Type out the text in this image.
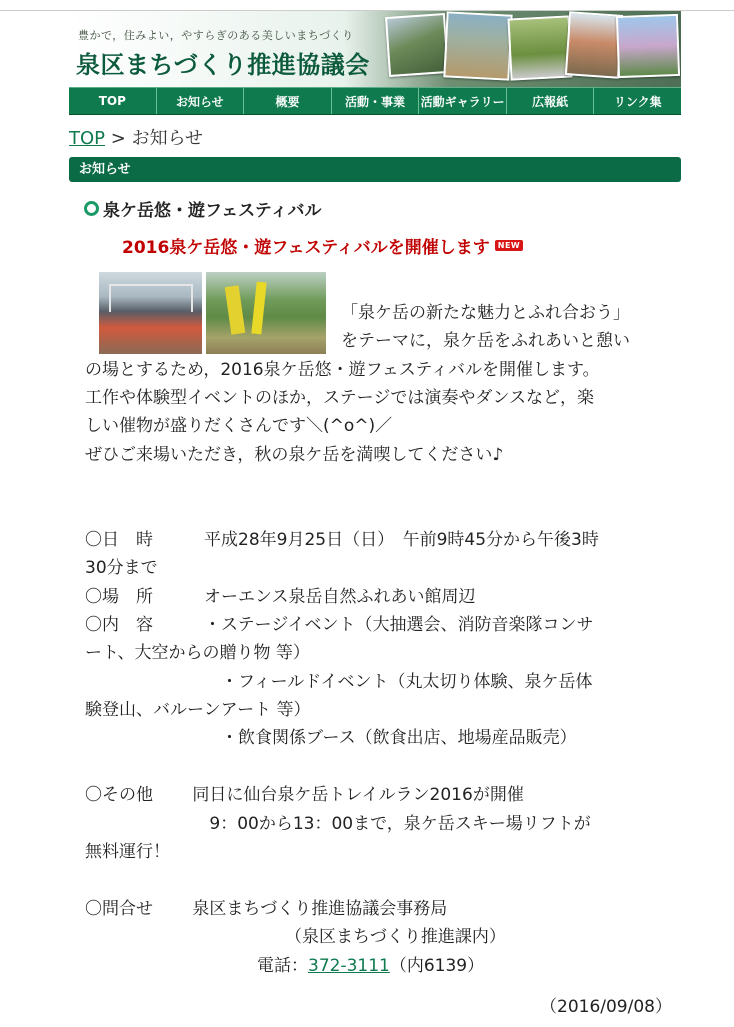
豊かで，住みよい，やすらぎのある美しいまちづくり
泉区まちづくり推進協議会
TOP	お知らせ	概要	活動・事業	活動ギャラリー	広報紙	リンク集
TOP > お知らせ
お知らせ
泉ケ岳悠・遊フェスティバル
2016泉ケ岳悠・遊フェスティバルを開催します	NEW
「泉ケ岳の新たな魅力とふれ合おう」
をテーマに，泉ケ岳をふれあいと憩い
の場とするため，2016泉ケ岳悠・遊フェスティバルを開催します。
工作や体験型イベントのほか，ステージでは演奏やダンスなど，楽
しい催物が盛りだくさんです＼(^o^)／
ぜひご来場いただき，秋の泉ケ岳を満喫してください♪
〇日　時　　　平成28年9月25日（日）　午前9時45分から午後3時
30分まで
〇場　所　　　オーエンス泉岳自然ふれあい館周辺
〇内　容　　　・ステージイベント（大抽選会、消防音楽隊コンサ
ート、大空からの贈り物 等）
　　　　　　　　・フィールドイベント（丸太切り体験、泉ケ岳体
験登山、バルーンアート 等）
　　　　　　　　・飲食関係ブース（飲食出店、地場産品販売）
〇その他　　 同日に仙台泉ケ岳トレイルラン2016が開催
　　　　　　　 9：00から13：00まで，泉ケ岳スキー場リフトが
無料運行！
〇問合せ　　 泉区まちづくり推進協議会事務局
（泉区まちづくり推進課内）
電話：372-3111（内6139）
（2016/09/08）
